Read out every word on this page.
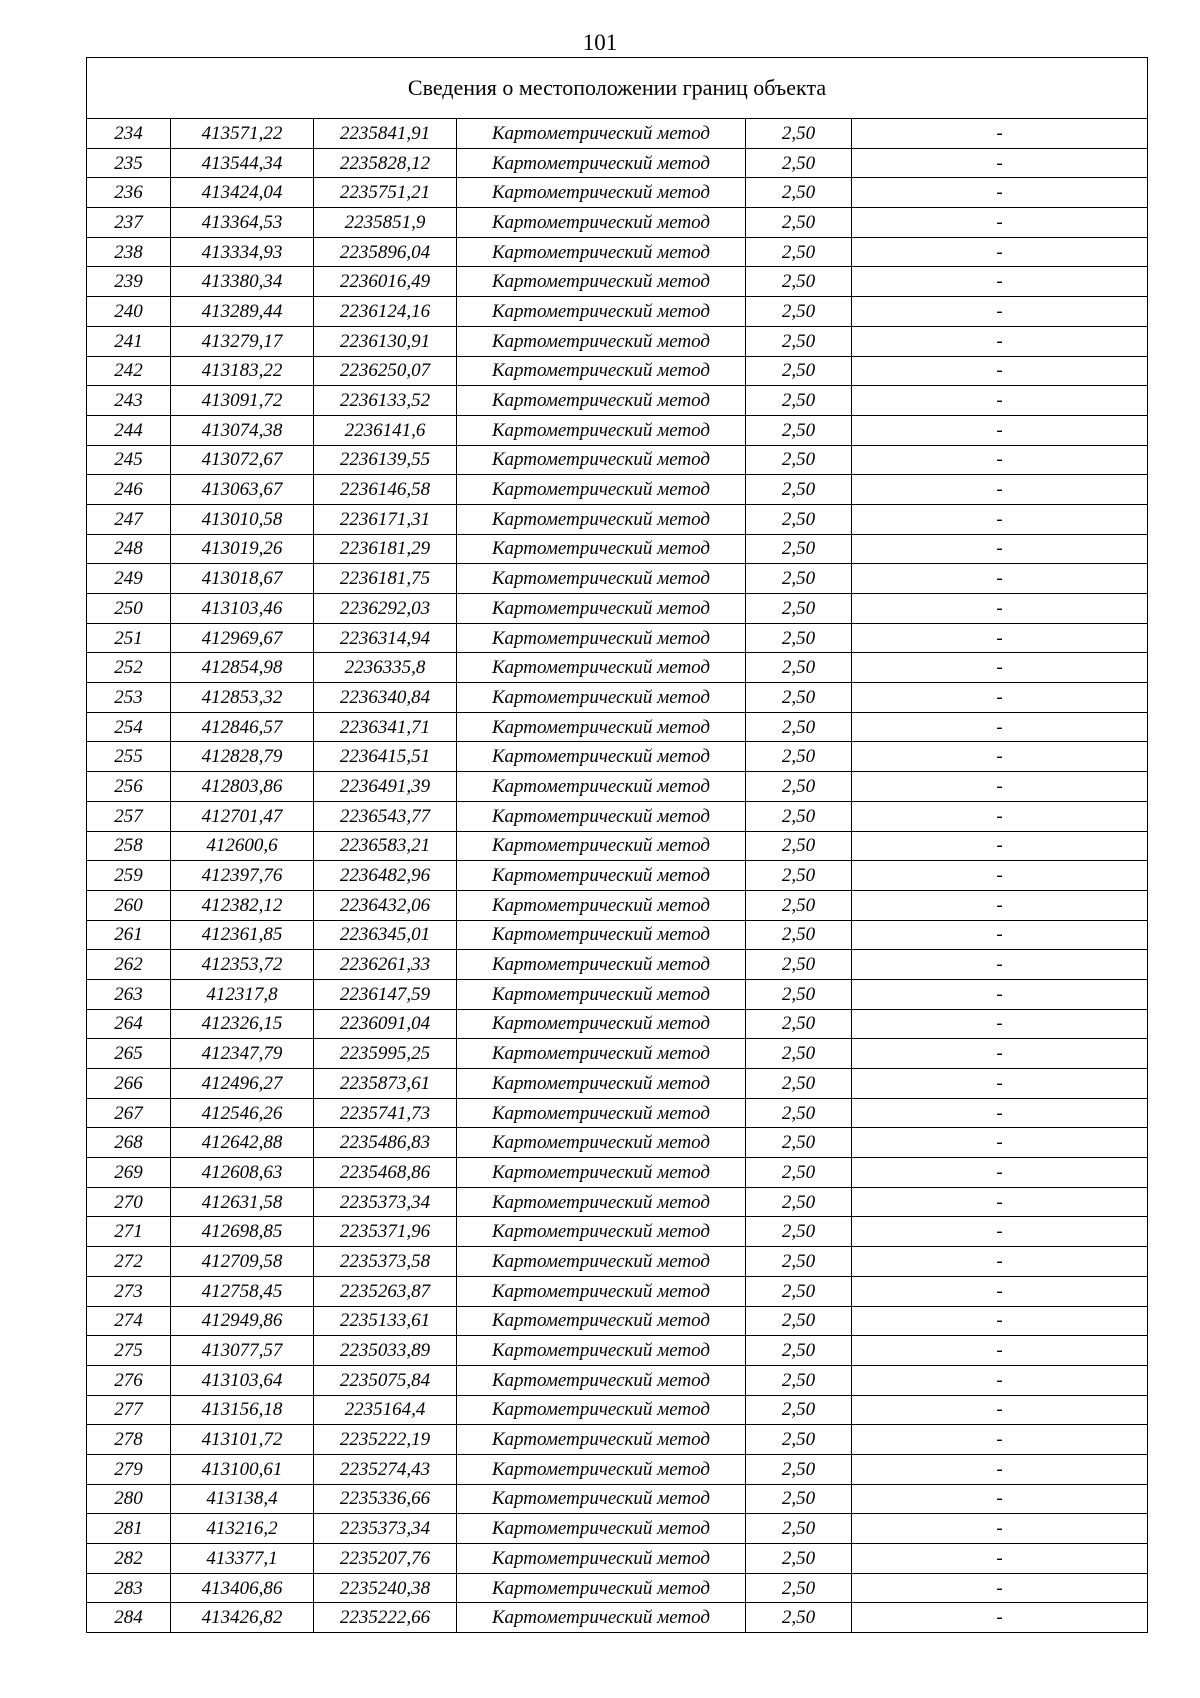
101
Сведения о местоположении границ объекта					
234	413571,22	2235841,91	Картометрический метод	2,50	-
235	413544,34	2235828,12	Картометрический метод	2,50	-
236	413424,04	2235751,21	Картометрический метод	2,50	-
237	413364,53	2235851,9	Картометрический метод	2,50	-
238	413334,93	2235896,04	Картометрический метод	2,50	-
239	413380,34	2236016,49	Картометрический метод	2,50	-
240	413289,44	2236124,16	Картометрический метод	2,50	-
241	413279,17	2236130,91	Картометрический метод	2,50	-
242	413183,22	2236250,07	Картометрический метод	2,50	-
243	413091,72	2236133,52	Картометрический метод	2,50	-
244	413074,38	2236141,6	Картометрический метод	2,50	-
245	413072,67	2236139,55	Картометрический метод	2,50	-
246	413063,67	2236146,58	Картометрический метод	2,50	-
247	413010,58	2236171,31	Картометрический метод	2,50	-
248	413019,26	2236181,29	Картометрический метод	2,50	-
249	413018,67	2236181,75	Картометрический метод	2,50	-
250	413103,46	2236292,03	Картометрический метод	2,50	-
251	412969,67	2236314,94	Картометрический метод	2,50	-
252	412854,98	2236335,8	Картометрический метод	2,50	-
253	412853,32	2236340,84	Картометрический метод	2,50	-
254	412846,57	2236341,71	Картометрический метод	2,50	-
255	412828,79	2236415,51	Картометрический метод	2,50	-
256	412803,86	2236491,39	Картометрический метод	2,50	-
257	412701,47	2236543,77	Картометрический метод	2,50	-
258	412600,6	2236583,21	Картометрический метод	2,50	-
259	412397,76	2236482,96	Картометрический метод	2,50	-
260	412382,12	2236432,06	Картометрический метод	2,50	-
261	412361,85	2236345,01	Картометрический метод	2,50	-
262	412353,72	2236261,33	Картометрический метод	2,50	-
263	412317,8	2236147,59	Картометрический метод	2,50	-
264	412326,15	2236091,04	Картометрический метод	2,50	-
265	412347,79	2235995,25	Картометрический метод	2,50	-
266	412496,27	2235873,61	Картометрический метод	2,50	-
267	412546,26	2235741,73	Картометрический метод	2,50	-
268	412642,88	2235486,83	Картометрический метод	2,50	-
269	412608,63	2235468,86	Картометрический метод	2,50	-
270	412631,58	2235373,34	Картометрический метод	2,50	-
271	412698,85	2235371,96	Картометрический метод	2,50	-
272	412709,58	2235373,58	Картометрический метод	2,50	-
273	412758,45	2235263,87	Картометрический метод	2,50	-
274	412949,86	2235133,61	Картометрический метод	2,50	-
275	413077,57	2235033,89	Картометрический метод	2,50	-
276	413103,64	2235075,84	Картометрический метод	2,50	-
277	413156,18	2235164,4	Картометрический метод	2,50	-
278	413101,72	2235222,19	Картометрический метод	2,50	-
279	413100,61	2235274,43	Картометрический метод	2,50	-
280	413138,4	2235336,66	Картометрический метод	2,50	-
281	413216,2	2235373,34	Картометрический метод	2,50	-
282	413377,1	2235207,76	Картометрический метод	2,50	-
283	413406,86	2235240,38	Картометрический метод	2,50	-
284	413426,82	2235222,66	Картометрический метод	2,50	-
